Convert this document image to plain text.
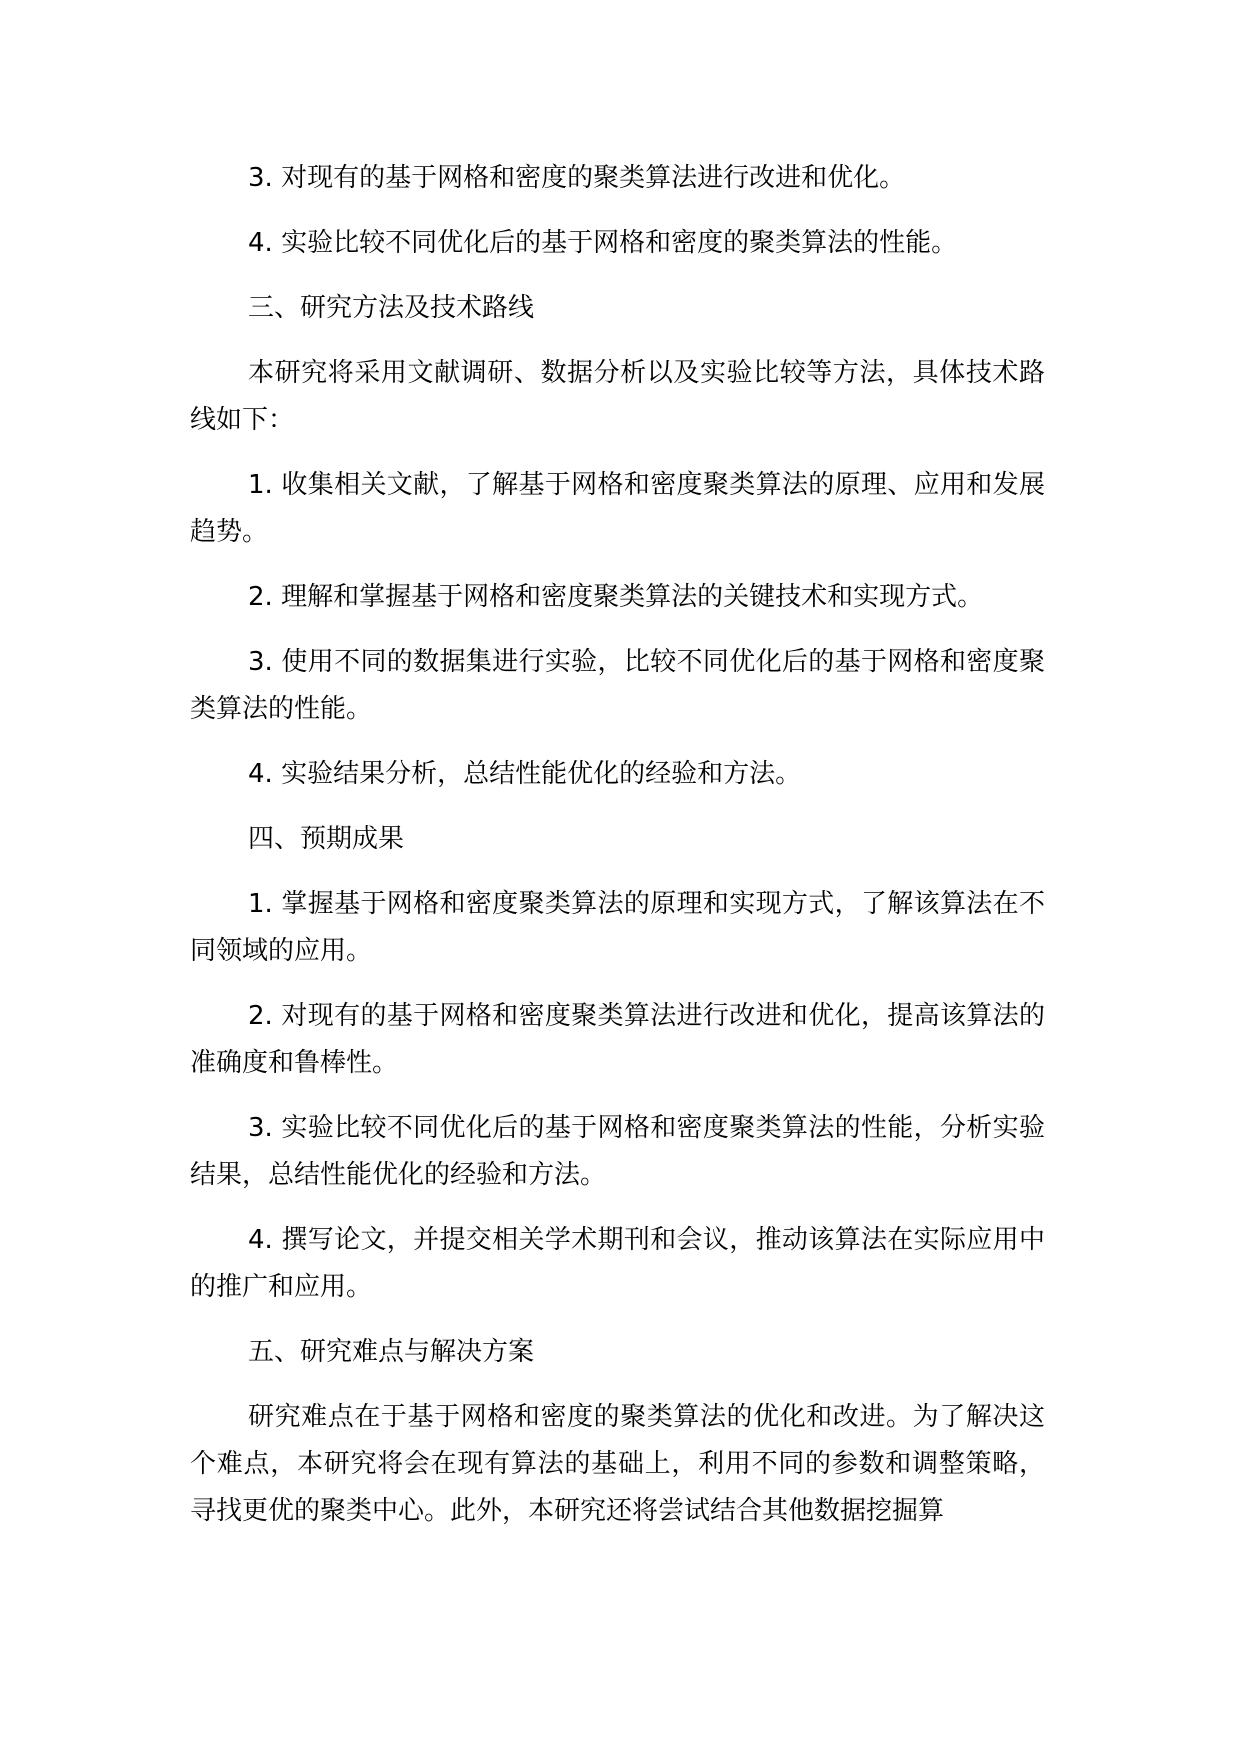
3. 对现有的基于网格和密度的聚类算法进行改进和优化。

4. 实验比较不同优化后的基于网格和密度的聚类算法的性能。

三、研究方法及技术路线

本研究将采用文献调研、数据分析以及实验比较等方法，具体技术路线如下：

1. 收集相关文献，了解基于网格和密度聚类算法的原理、应用和发展趋势。

2. 理解和掌握基于网格和密度聚类算法的关键技术和实现方式。

3. 使用不同的数据集进行实验，比较不同优化后的基于网格和密度聚类算法的性能。

4. 实验结果分析，总结性能优化的经验和方法。

四、预期成果

1. 掌握基于网格和密度聚类算法的原理和实现方式，了解该算法在不同领域的应用。

2. 对现有的基于网格和密度聚类算法进行改进和优化，提高该算法的准确度和鲁棒性。

3. 实验比较不同优化后的基于网格和密度聚类算法的性能，分析实验结果，总结性能优化的经验和方法。

4. 撰写论文，并提交相关学术期刊和会议，推动该算法在实际应用中的推广和应用。

五、研究难点与解决方案

研究难点在于基于网格和密度的聚类算法的优化和改进。为了解决这个难点，本研究将会在现有算法的基础上，利用不同的参数和调整策略，寻找更优的聚类中心。此外，本研究还将尝试结合其他数据挖掘算
